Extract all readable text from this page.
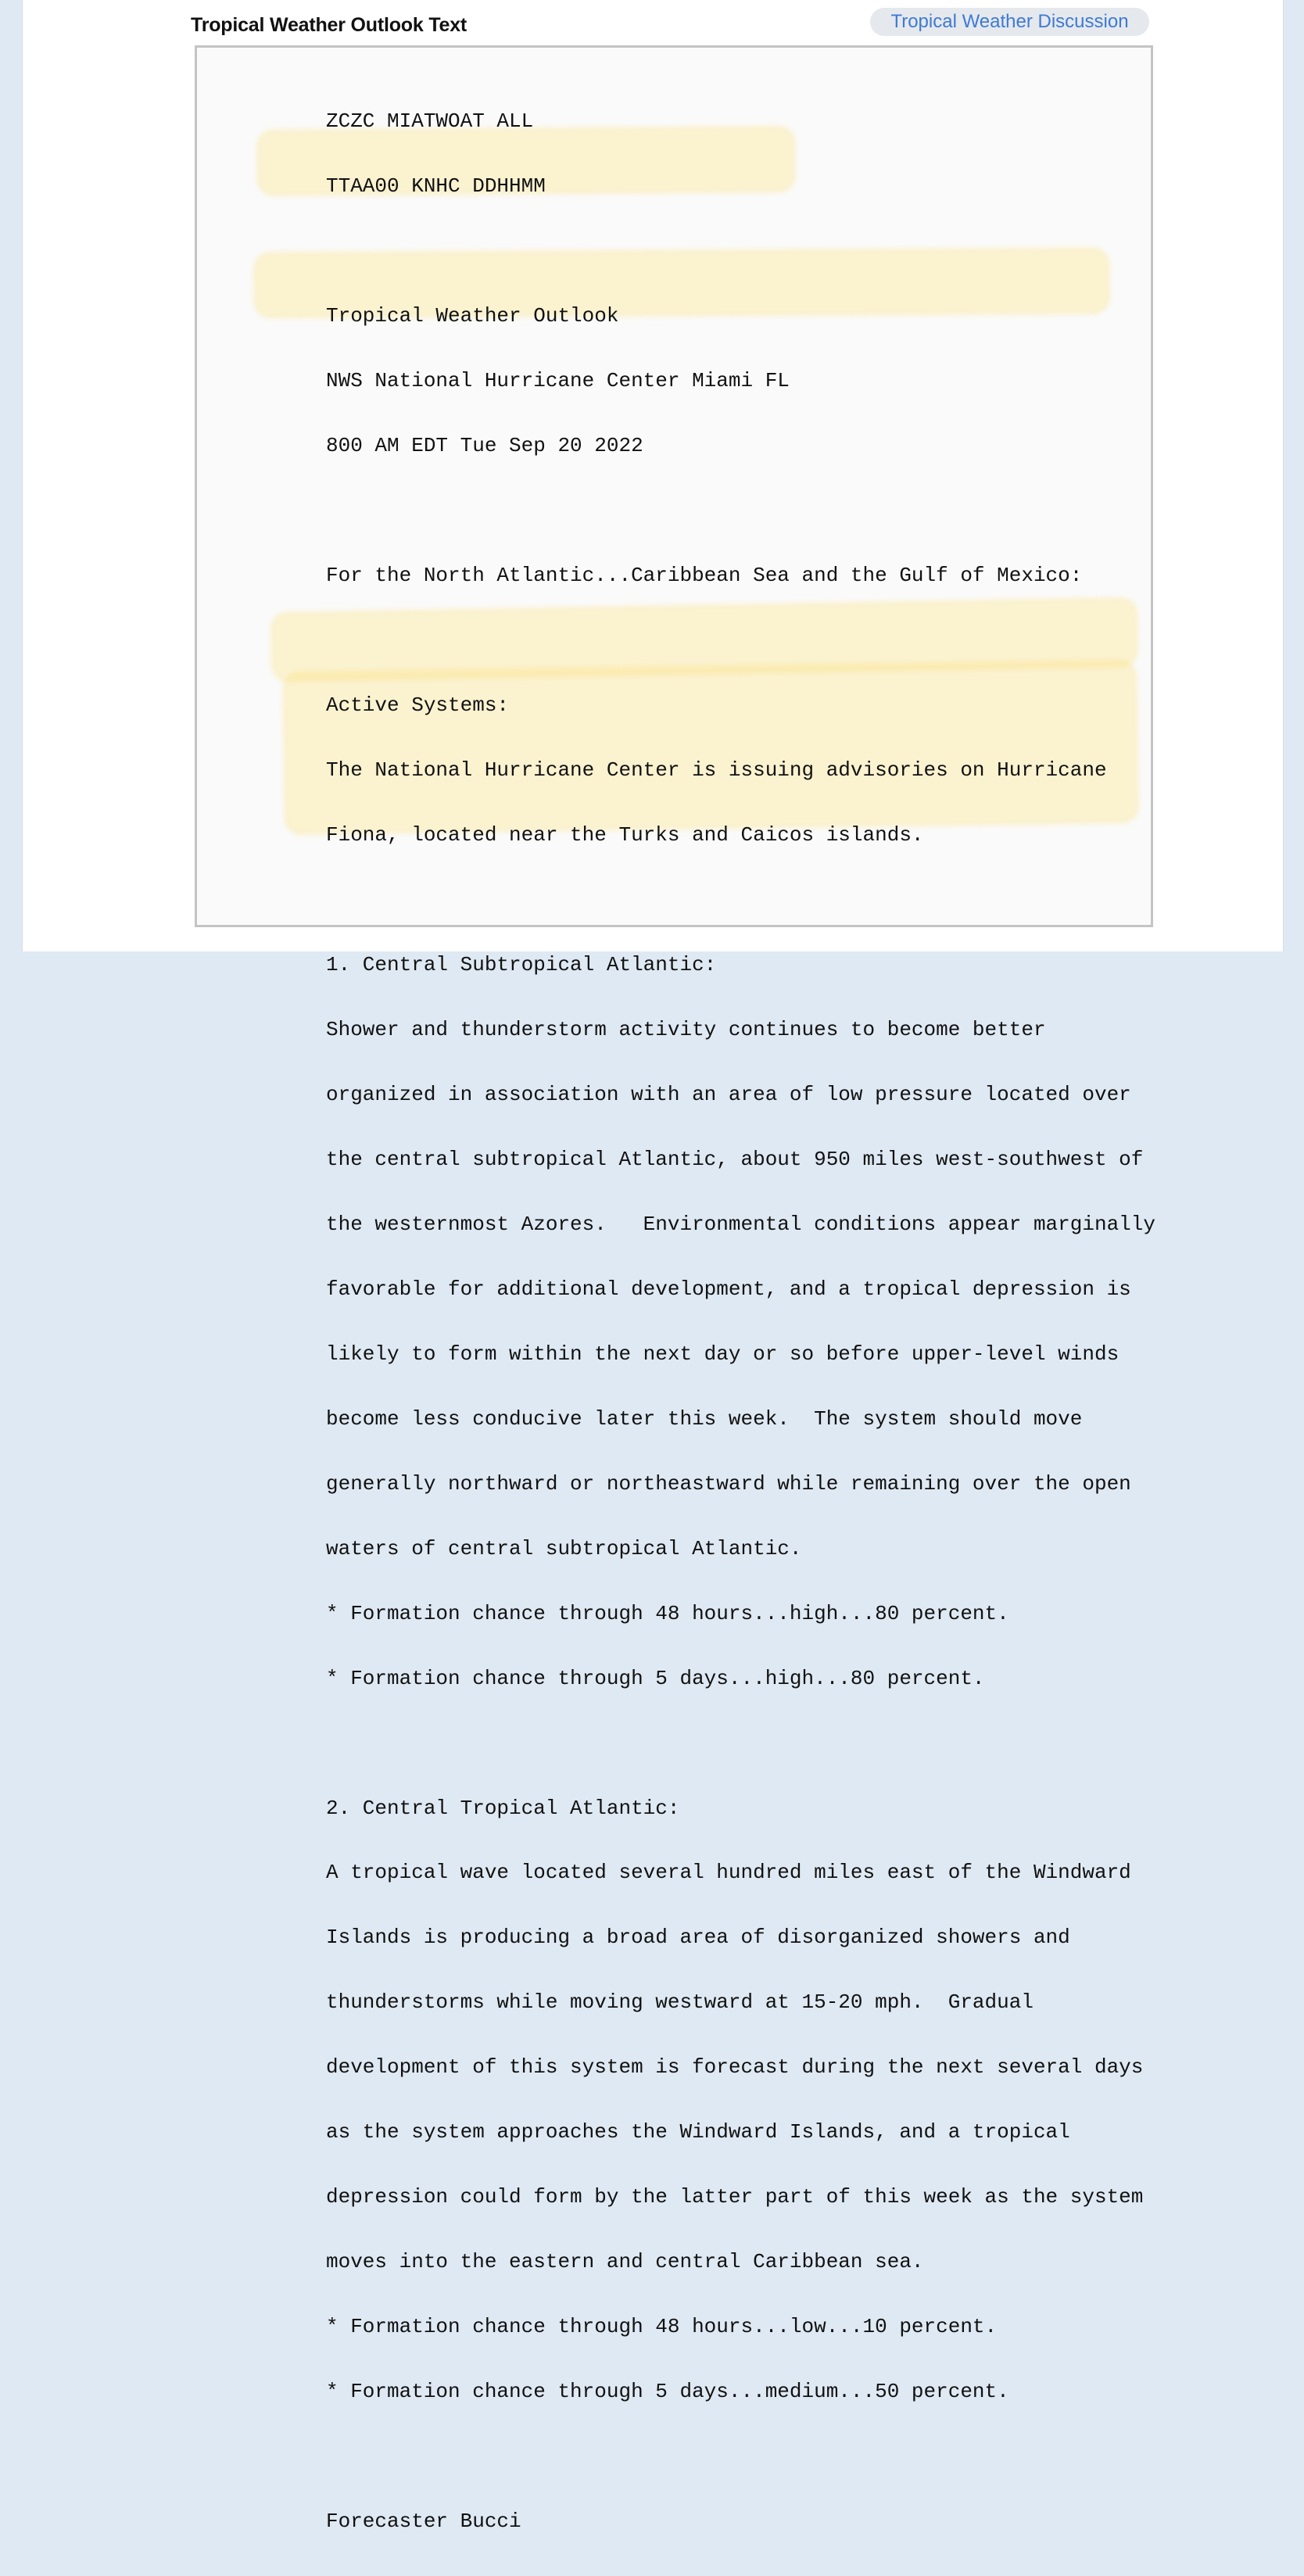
Tropical Weather Outlook Text	Tropical Weather Discussion

ZCZC MIATWOAT ALL

TTAA00 KNHC DDHHMM

Tropical Weather Outlook

NWS National Hurricane Center Miami FL

800 AM EDT Tue Sep 20 2022

For the North Atlantic...Caribbean Sea and the Gulf of Mexico:

Active Systems:

The National Hurricane Center is issuing advisories on Hurricane

Fiona, located near the Turks and Caicos islands.

1. Central Subtropical Atlantic:

Shower and thunderstorm activity continues to become better

organized in association with an area of low pressure located over

the central subtropical Atlantic, about 950 miles west-southwest of

the westernmost Azores.   Environmental conditions appear marginally

favorable for additional development, and a tropical depression is

likely to form within the next day or so before upper-level winds

become less conducive later this week.  The system should move

generally northward or northeastward while remaining over the open

waters of central subtropical Atlantic.

* Formation chance through 48 hours...high...80 percent.

* Formation chance through 5 days...high...80 percent.

2. Central Tropical Atlantic:

A tropical wave located several hundred miles east of the Windward

Islands is producing a broad area of disorganized showers and

thunderstorms while moving westward at 15-20 mph.  Gradual

development of this system is forecast during the next several days

as the system approaches the Windward Islands, and a tropical

depression could form by the latter part of this week as the system

moves into the eastern and central Caribbean sea.

* Formation chance through 48 hours...low...10 percent.

* Formation chance through 5 days...medium...50 percent.

Forecaster Bucci
